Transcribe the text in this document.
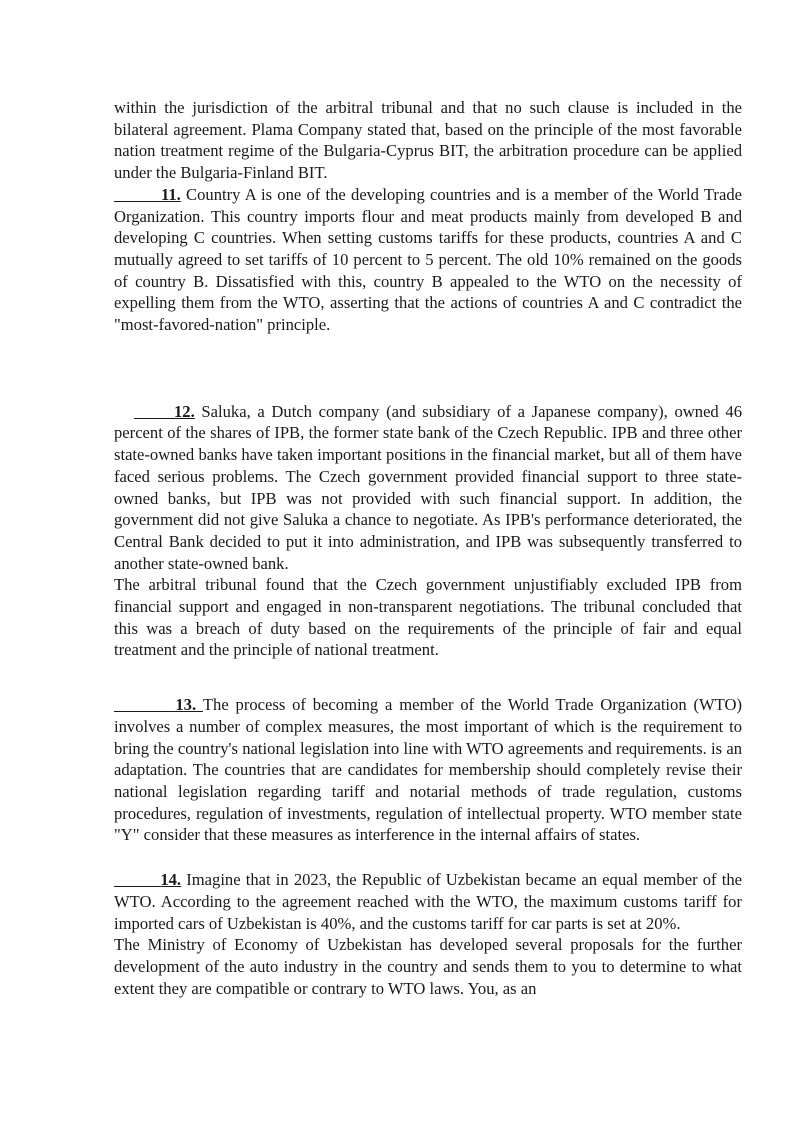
within the jurisdiction of the arbitral tribunal and that no such clause is included in the bilateral agreement. Plama Company stated that, based on the principle of the most favorable nation treatment regime of the Bulgaria-Cyprus BIT, the arbitration procedure can be applied under the Bulgaria-Finland BIT.

11. Country A is one of the developing countries and is a member of the World Trade Organization. This country imports flour and meat products mainly from developed B and developing C countries. When setting customs tariffs for these products, countries A and C mutually agreed to set tariffs of 10 percent to 5 percent. The old 10% remained on the goods of country B. Dissatisfied with this, country B appealed to the WTO on the necessity of expelling them from the WTO, asserting that the actions of countries A and C contradict the "most-favored-nation" principle.

12. Saluka, a Dutch company (and subsidiary of a Japanese company), owned 46 percent of the shares of IPB, the former state bank of the Czech Republic. IPB and three other state-owned banks have taken important positions in the financial market, but all of them have faced serious problems. The Czech government provided financial support to three state-owned banks, but IPB was not provided with such financial support. In addition, the government did not give Saluka a chance to negotiate. As IPB's performance deteriorated, the Central Bank decided to put it into administration, and IPB was subsequently transferred to another state-owned bank.

The arbitral tribunal found that the Czech government unjustifiably excluded IPB from financial support and engaged in non-transparent negotiations. The tribunal concluded that this was a breach of duty based on the requirements of the principle of fair and equal treatment and the principle of national treatment.

13. The process of becoming a member of the World Trade Organization (WTO) involves a number of complex measures, the most important of which is the requirement to bring the country's national legislation into line with WTO agreements and requirements. is an adaptation. The countries that are candidates for membership should completely revise their national legislation regarding tariff and notarial methods of trade regulation, customs procedures, regulation of investments, regulation of intellectual property. WTO member state "Y" consider that these measures as interference in the internal affairs of states.

14. Imagine that in 2023, the Republic of Uzbekistan became an equal member of the WTO. According to the agreement reached with the WTO, the maximum customs tariff for imported cars of Uzbekistan is 40%, and the customs tariff for car parts is set at 20%.

The Ministry of Economy of Uzbekistan has developed several proposals for the further development of the auto industry in the country and sends them to you to determine to what extent they are compatible or contrary to WTO laws. You, as an
